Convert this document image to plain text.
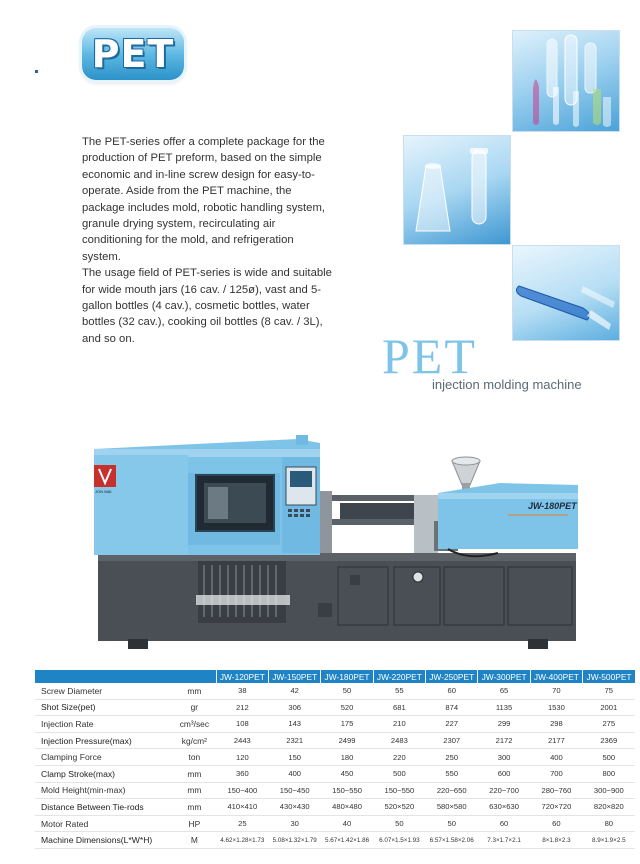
PET

The PET-series offer a complete package for the production of PET preform, based on the simple economic and in-line screw design for easy-to-operate. Aside from the PET machine, the package includes mold, robotic handling system, granule drying system, recirculating air conditioning for the mold, and refrigeration system.

The usage field of PET-series is wide and suitable for wide mouth jars (16 cav. / 125ø), vast and 5-gallon bottles (4 cav.), cosmetic bottles, water bottles (32 cav.), cooking oil bottles (8 cav. / 3L), and so on.	PET
injection molding machine
JON WAI
JW-180PET
		JW-120PET	JW-150PET	JW-180PET	JW-220PET	JW-250PET	JW-300PET	JW-400PET	JW-500PET
Screw Diameter	mm	38	42	50	55	60	65	70	75
Shot Size(pet)	gr	212	306	520	681	874	1135	1530	2001
Injection Rate	cm³/sec	108	143	175	210	227	299	298	275
Injection Pressure(max)	kg/cm²	2443	2321	2499	2483	2307	2172	2177	2369
Clamping Force	ton	120	150	180	220	250	300	400	500
Clamp Stroke(max)	mm	360	400	450	500	550	600	700	800
Mold Height(min-max)	mm	150~400	150~450	150~550	150~550	220~650	220~700	280~760	300~900
Distance Between Tie-rods	mm	410×410	430×430	480×480	520×520	580×580	630×630	720×720	820×820
Motor Rated	HP	25	30	40	50	50	60	60	80
Machine Dimensions(L*W*H)	M	4.62×1.28×1.73	5.08×1.32×1.79	5.67×1.42×1.86	6.07×1.5×1.93	6.57×1.58×2.06	7.3×1.7×2.1	8×1.8×2.3	8.9×1.9×2.5
